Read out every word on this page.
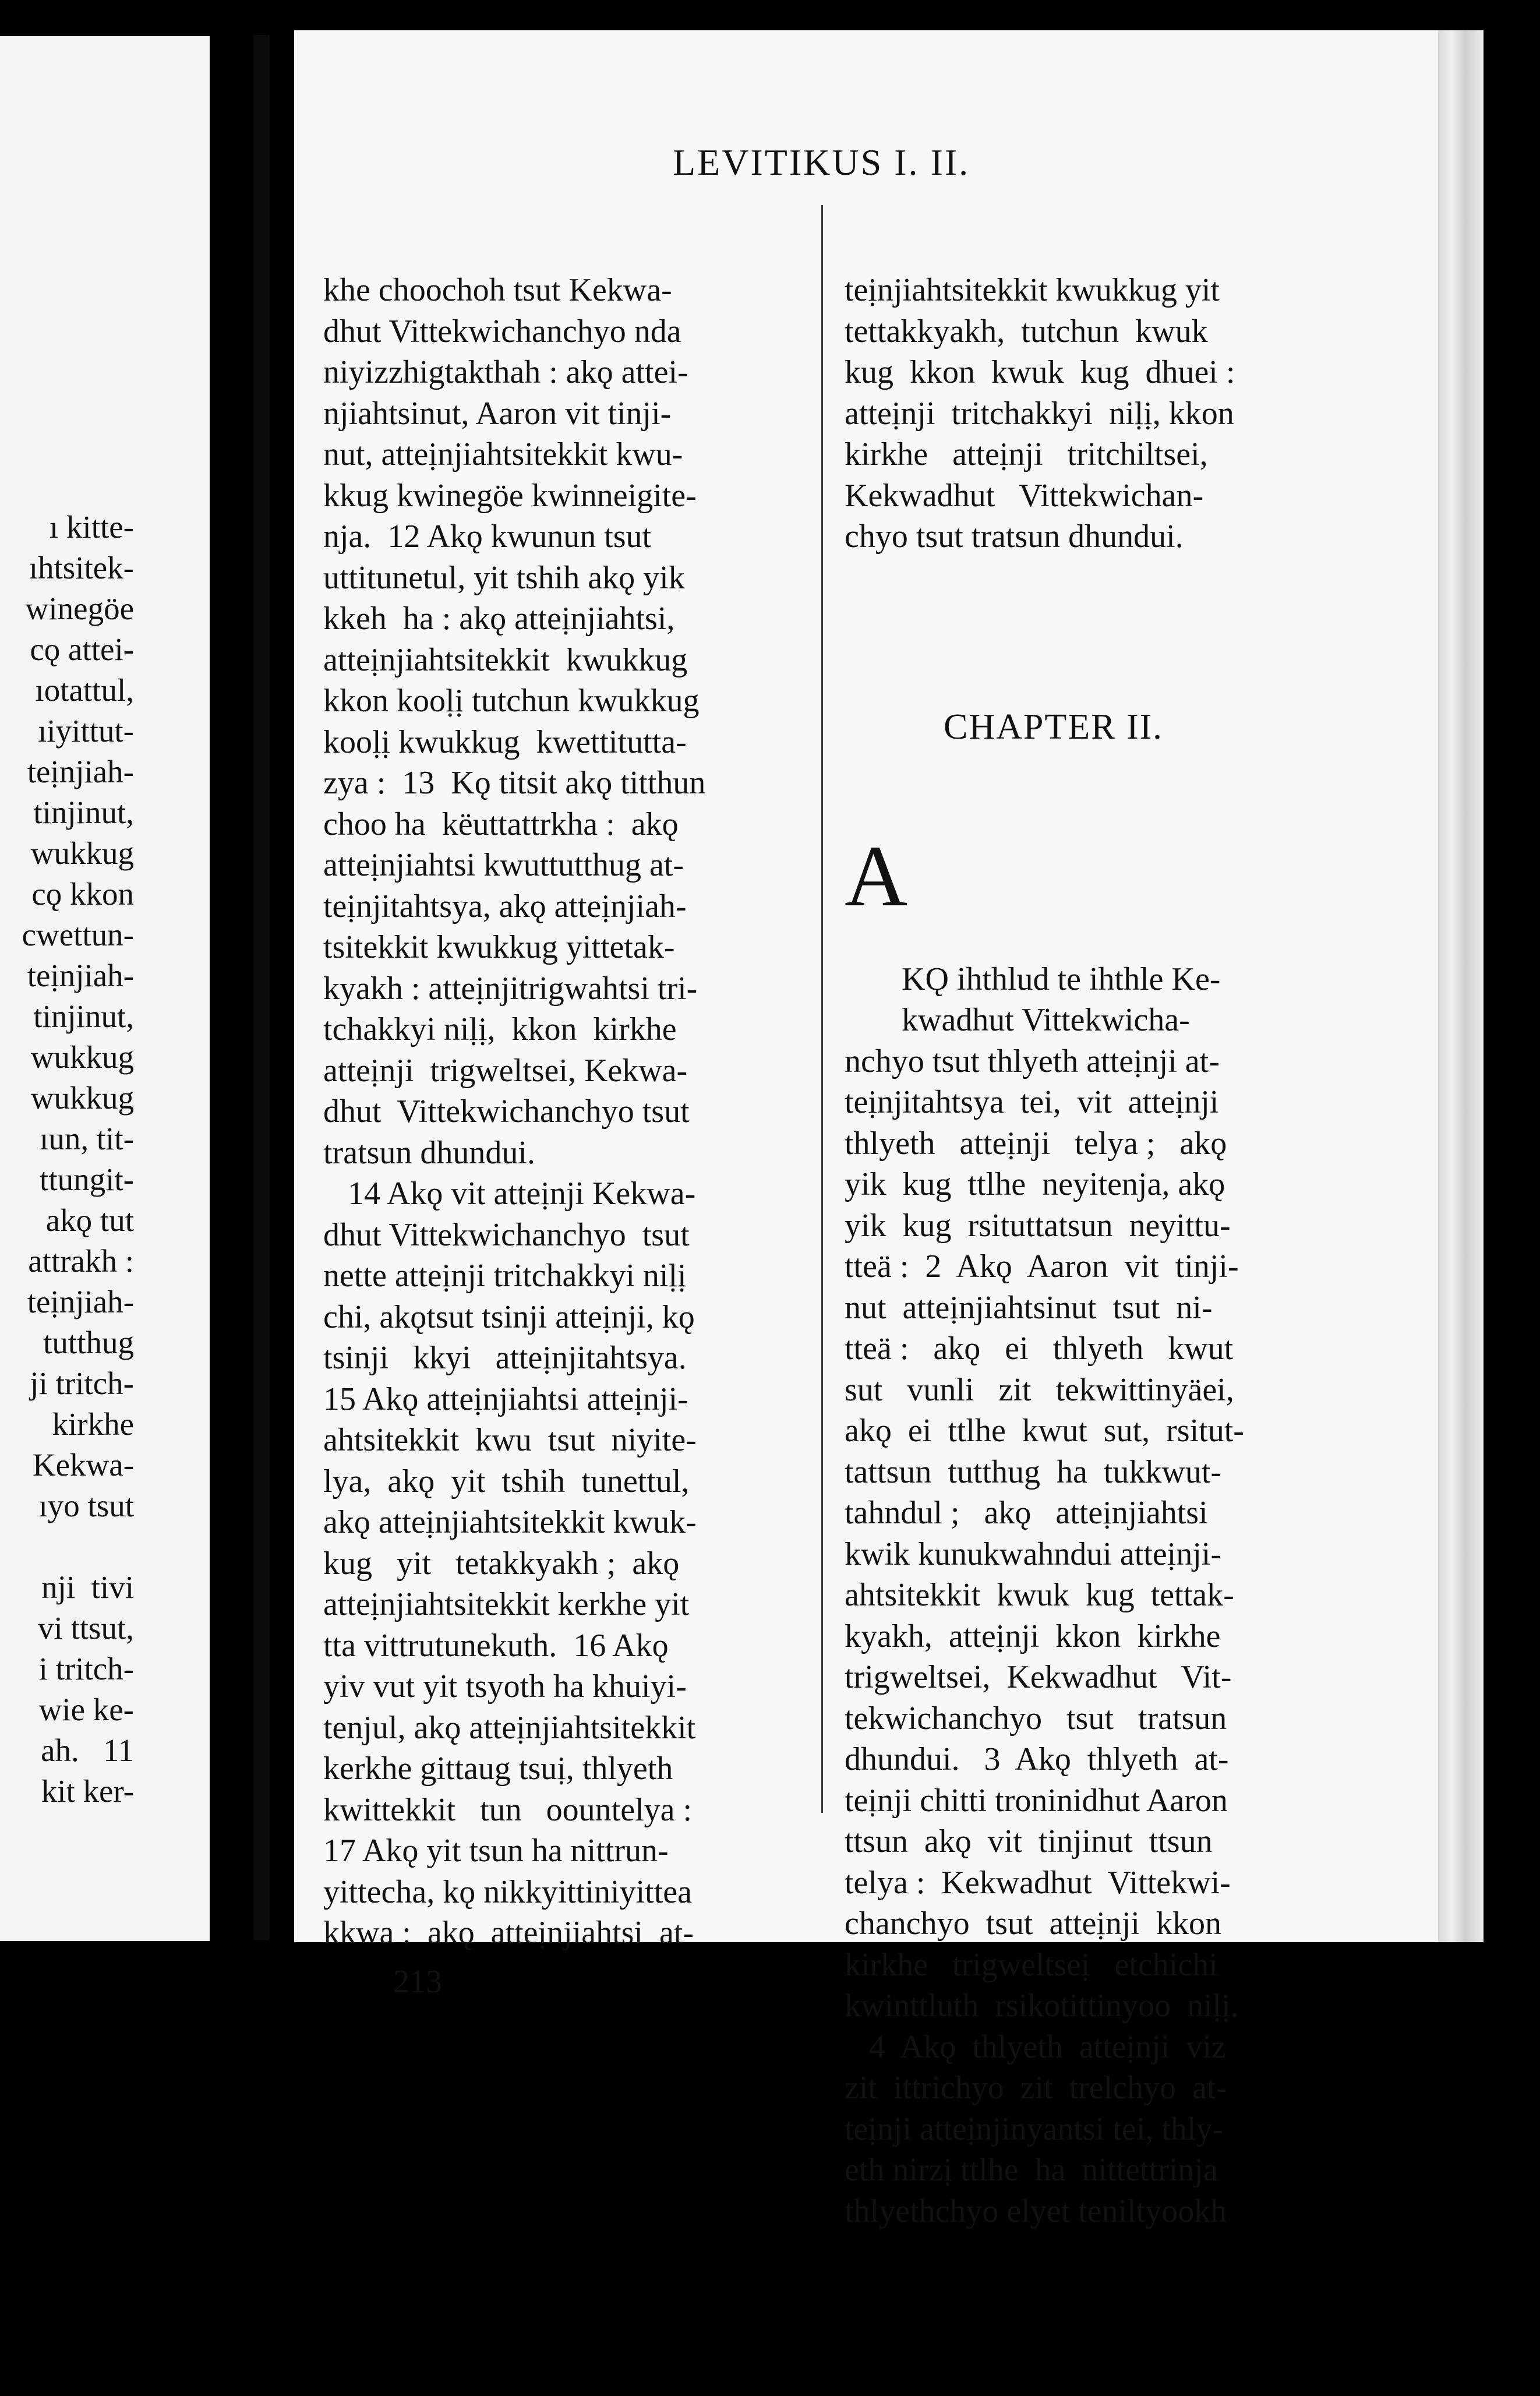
ı kitte-
ıhtsitek-
winegöe
cǫ attei-
ıotattul,
ıiyittut-
teịnjiah-
tinjinut,
wukkug
cǫ kkon
cwettun-
teịnjiah-
tinjinut,
wukkug
wukkug
ıun, tit-
ttungit-
akǫ tut
attrakh :
teịnjiah-
tutthug
ji tritch-
kirkhe
Kekwa-
ıyo tsut

nji  tivi
vi ttsut,
i tritch-
wie ke-
ah.   11
kit ker-
LEVITIKUS I. II.

khe choochoh tsut Kekwa-
dhut Vittekwichanchyo nda
niyizzhigtakthah : akǫ attei-
njiahtsinut, Aaron vit tinji-
nut, atteịnjiahtsitekkit kwu-
kkug kwinegöe kwinneigite-
nja.  12 Akǫ kwunun tsut
uttitunetul, yit tshih akǫ yik
kkeh  ha : akǫ atteịnjiahtsi,
atteịnjiahtsitekkit  kwukkug
kkon kooḷị tutchun kwukkug
kooḷị kwukkug  kwettitutta-
zya :  13  Kǫ titsit akǫ titthun
choo ha  këuttattrkha :  akǫ
atteịnjiahtsi kwuttutthug at-
teịnjitahtsya, akǫ atteịnjiah-
tsitekkit kwukkug yittetak-
kyakh : atteịnjitrigwahtsi tri-
tchakkyi niḷị,  kkon  kirkhe
atteịnji  trigweltsei, Kekwa-
dhut  Vittekwichanchyo tsut
tratsun dhundui.
14 Akǫ vit atteịnji Kekwa-
dhut Vittekwichanchyo  tsut
nette atteịnji tritchakkyi niḷị
chi, akǫtsut tsinji atteịnji, kǫ
tsinji   kkyi   atteịnjitahtsya.
15 Akǫ atteịnjiahtsi atteịnji-
ahtsitekkit  kwu  tsut  niyite-
lya,  akǫ  yit  tshih  tunettul,
akǫ atteịnjiahtsitekkit kwuk-
kug   yit   tetakkyakh ;  akǫ
atteịnjiahtsitekkit kerkhe yit
tta vittrutunekuth.  16 Akǫ
yiv vut yit tsyoth ha khuiyi-
tenjul, akǫ atteịnjiahtsitekkit
kerkhe gittaug tsuị, thlyeth
kwittekkit   tun   oountelya :
17 Akǫ yit tsun ha nittrun-
yittecha, kǫ nikkyittiniyittea
kkwa :  akǫ  atteịnjiahtsi  at-

213

teịnjiahtsitekkit kwukkug yit
tettakkyakh,  tutchun  kwuk
kug  kkon  kwuk  kug  dhuei :
atteịnji  tritchakkyi  niḷị, kkon
kirkhe   atteịnji   tritchiltsei,
Kekwadhut   Vittekwichan-
chyo tsut tratsun dhundui.

CHAPTER II.

A

KǪ ihthlud te ihthle Ke-
kwadhut Vittekwicha-
nchyo tsut thlyeth atteịnji at-
teịnjitahtsya  tei,  vit  atteịnji
thlyeth   atteịnji   telya ;   akǫ
yik  kug  ttlhe  neyitenja, akǫ
yik  kug  rsituttatsun  neyittu-
tteä :  2  Akǫ  Aaron  vit  tinji-
nut  atteịnjiahtsinut  tsut  ni-
tteä :   akǫ   ei   thlyeth   kwut
sut   vunli   zit   tekwittinyäei,
akǫ  ei  ttlhe  kwut  sut,  rsitut-
tattsun  tutthug  ha  tukkwut-
tahndul ;   akǫ   atteịnjiahtsi
kwik kunukwahndui atteịnji-
ahtsitekkit  kwuk  kug  tettak-
kyakh,  atteịnji  kkon  kirkhe
trigweltsei,  Kekwadhut   Vit-
tekwichanchyo   tsut   tratsun
dhundui.   3  Akǫ  thlyeth  at-
teịnji chitti troninidhut Aaron
ttsun  akǫ  vit  tinjinut  ttsun
telya :  Kekwadhut  Vittekwi-
chanchyo  tsut  atteịnji  kkon
kirkhe   trigweltseị   etchichi
kwinttluth  rsikotittinyoo  niḷị.
4  Akǫ  thlyeth  atteịnji  viz
zit  ittrichyo  zit  trelchyo  at-
teịnji atteịnjinyantsi tei, thly-
eth nirzị ttlhe  ha  nittettrinja
thlyethchyo elyet teniltyookh
